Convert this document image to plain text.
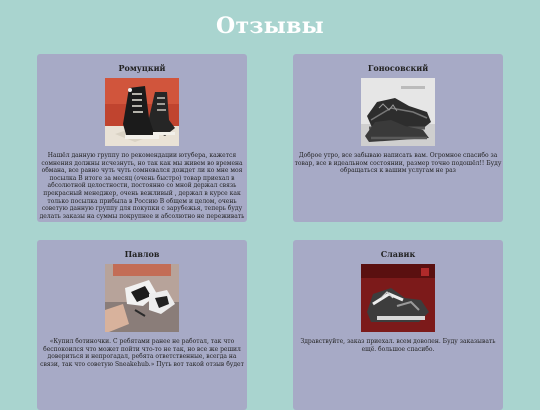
Отзывы
Ромуцкий
Нашёл данную группу по рекомендации ютубера, кажется сомнения должны исчезнуть, но так как мы живем во времена обмана, все равно чуть чуть сомневался дождет ли ко мне моя посылка В итоге за месяц (очень быстро) товар приехал в абсолютной целостности, постоянно со мной держал связь прекрасный менеджер, очень вежливый , держал в курсе как только посылка прибыла в Россию В общем и целом, очень советую данную группу для покупки с зарубежья, теперь буду делать заказы на суммы покрупнее и абсолютно не переживать
Гоносовский
Доброе утро, все забываю написать вам. Огромное спасибо за товар, все в идеальном состоянии, размер точно подошёл!! Буду обращаться к вашим услугам не раз
Павлов
«Купил ботиночки. С ребятами ранее не работал, так что беспокоился что может пойти что-то не так, но все же решил довериться и непрогадал, ребята ответственные, всегда на связи, так что советую Sneakehub.» Путь вот такой отзыв будет
Славик
Здравствуйте, заказ приехал. всем доволен. Буду заказывать ещё. большое спасибо.
